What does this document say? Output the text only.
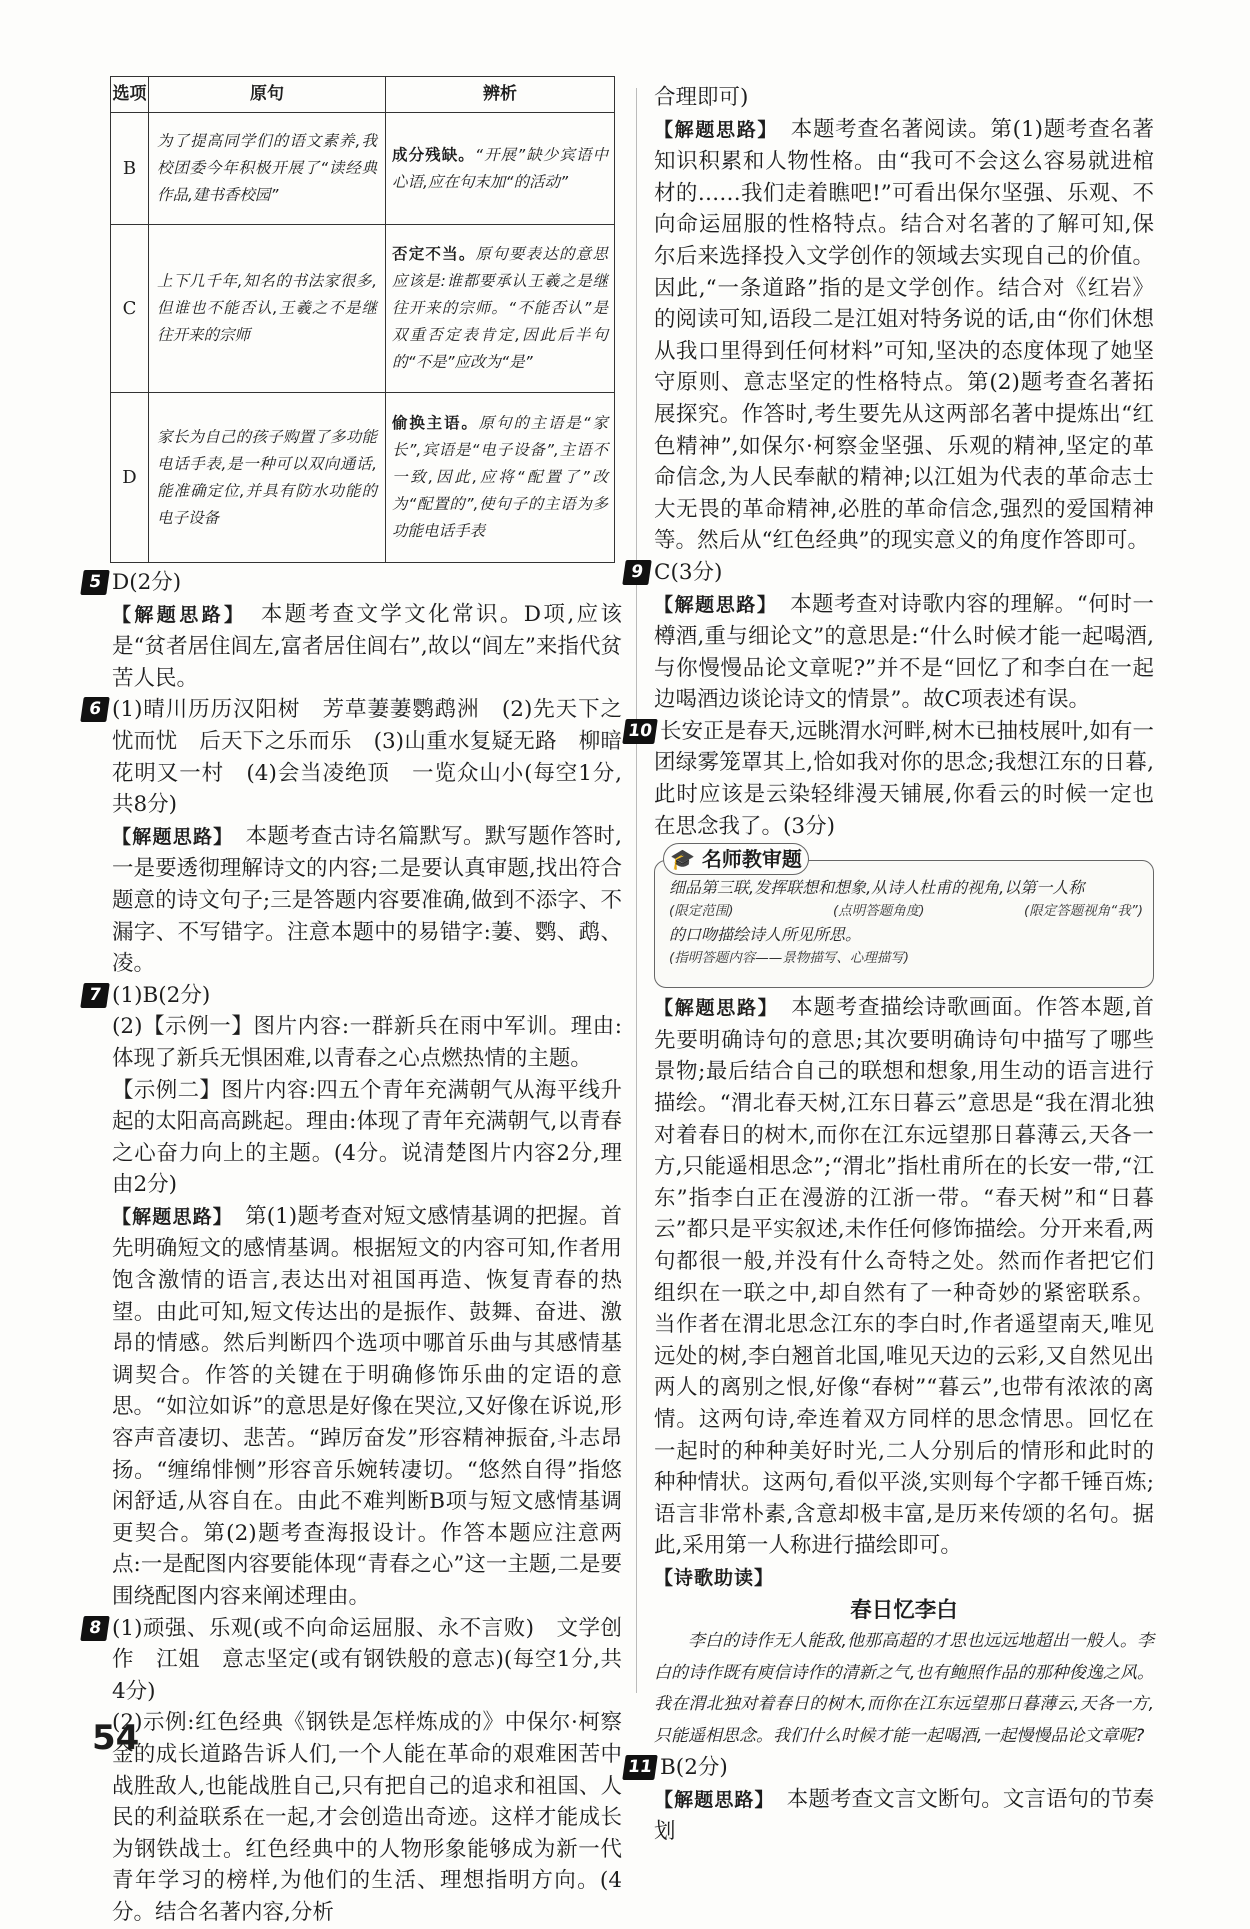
选项	原句	辨析
B	为了提高同学们的语文素养,我校团委今年积极开展了“读经典作品,建书香校园”	成分残缺。“开展”缺少宾语中心语,应在句末加“的活动”
C	上下几千年,知名的书法家很多,但谁也不能否认,王羲之不是继往开来的宗师	否定不当。原句要表达的意思应该是:谁都要承认王羲之是继往开来的宗师。“不能否认”是双重否定表肯定,因此后半句的“不是”应改为“是”
D	家长为自己的孩子购置了多功能电话手表,是一种可以双向通话,能准确定位,并具有防水功能的电子设备	偷换主语。原句的主语是“家长”,宾语是“电子设备”,主语不一致,因此,应将“配置了”改为“配置的”,使句子的主语为多功能电话手表

5 D(2分)

【解题思路】　 本题考查文学文化常识。D项,应该是“贫者居住闾左,富者居住闾右”,故以“闾左”来指代贫苦人民。

6 (1)晴川历历汉阳树　芳草萋萋鹦鹉洲　(2)先天下之忧而忧　后天下之乐而乐　(3)山重水复疑无路　柳暗花明又一村　(4)会当凌绝顶　一览众山小(每空1分,共8分)

【解题思路】　 本题考查古诗名篇默写。默写题作答时,一是要透彻理解诗文的内容;二是要认真审题,找出符合题意的诗文句子;三是答题内容要准确,做到不添字、不漏字、不写错字。注意本题中的易错字:萋、鹦、鹉、凌。

7 (1)B(2分)

(2)【示例一】图片内容:一群新兵在雨中军训。理由:体现了新兵无惧困难,以青春之心点燃热情的主题。

【示例二】图片内容:四五个青年充满朝气从海平线升起的太阳高高跳起。理由:体现了青年充满朝气,以青春之心奋力向上的主题。(4分。说清楚图片内容2分,理由2分)

【解题思路】　 第(1)题考查对短文感情基调的把握。首先明确短文的感情基调。根据短文的内容可知,作者用饱含激情的语言,表达出对祖国再造、恢复青春的热望。由此可知,短文传达出的是振作、鼓舞、奋进、激昂的情感。然后判断四个选项中哪首乐曲与其感情基调契合。作答的关键在于明确修饰乐曲的定语的意思。“如泣如诉”的意思是好像在哭泣,又好像在诉说,形容声音凄切、悲苦。“踔厉奋发”形容精神振奋,斗志昂扬。“缠绵悱恻”形容音乐婉转凄切。“悠然自得”指悠闲舒适,从容自在。由此不难判断B项与短文感情基调更契合。第(2)题考查海报设计。作答本题应注意两点:一是配图内容要能体现“青春之心”这一主题,二是要围绕配图内容来阐述理由。

8 (1)顽强、乐观(或不向命运屈服、永不言败)　文学创作　江姐　意志坚定(或有钢铁般的意志)(每空1分,共4分)

(2)示例:红色经典《钢铁是怎样炼成的》中保尔·柯察金的成长道路告诉人们,一个人能在革命的艰难困苦中战胜敌人,也能战胜自己,只有把自己的追求和祖国、人民的利益联系在一起,才会创造出奇迹。这样才能成长为钢铁战士。红色经典中的人物形象能够成为新一代青年学习的榜样,为他们的生活、理想指明方向。(4分。结合名著内容,分析

合理即可)

【解题思路】　 本题考查名著阅读。第(1)题考查名著知识积累和人物性格。由“我可不会这么容易就进棺材的……我们走着瞧吧!”可看出保尔坚强、乐观、不向命运屈服的性格特点。结合对名著的了解可知,保尔后来选择投入文学创作的领域去实现自己的价值。因此,“一条道路”指的是文学创作。结合对《红岩》的阅读可知,语段二是江姐对特务说的话,由“你们休想从我口里得到任何材料”可知,坚决的态度体现了她坚守原则、意志坚定的性格特点。第(2)题考查名著拓展探究。作答时,考生要先从这两部名著中提炼出“红色精神”,如保尔·柯察金坚强、乐观的精神,坚定的革命信念,为人民奉献的精神;以江姐为代表的革命志士大无畏的革命精神,必胜的革命信念,强烈的爱国精神等。然后从“红色经典”的现实意义的角度作答即可。

9 C(3分)

【解题思路】　 本题考查对诗歌内容的理解。“何时一樽酒,重与细论文”的意思是:“什么时候才能一起喝酒,与你慢慢品论文章呢?”并不是“回忆了和李白在一起边喝酒边谈论诗文的情景”。故C项表述有误。

10 长安正是春天,远眺渭水河畔,树木已抽枝展叶,如有一团绿雾笼罩其上,恰如我对你的思念;我想江东的日暮,此时应该是云染轻绯漫天铺展,你看云的时候一定也在思念我了。(3分)

🎓 名师教审题
细品第三联,发挥联想和想象,从诗人杜甫的视角,以第一人称
(限定范围)	(点明答题角度)	(限定答题视角“我”)
的口吻描绘诗人所见所思。
(指明答题内容——景物描写、心理描写)

【解题思路】　 本题考查描绘诗歌画面。作答本题,首先要明确诗句的意思;其次要明确诗句中描写了哪些景物;最后结合自己的联想和想象,用生动的语言进行描绘。“渭北春天树,江东日暮云”意思是“我在渭北独对着春日的树木,而你在江东远望那日暮薄云,天各一方,只能遥相思念”;“渭北”指杜甫所在的长安一带,“江东”指李白正在漫游的江浙一带。“春天树”和“日暮云”都只是平实叙述,未作任何修饰描绘。分开来看,两句都很一般,并没有什么奇特之处。然而作者把它们组织在一联之中,却自然有了一种奇妙的紧密联系。当作者在渭北思念江东的李白时,作者遥望南天,唯见远处的树,李白翘首北国,唯见天边的云彩,又自然见出两人的离别之恨,好像“春树”“暮云”,也带有浓浓的离情。这两句诗,牵连着双方同样的思念情思。回忆在一起时的种种美好时光,二人分别后的情形和此时的种种情状。这两句,看似平淡,实则每个字都千锤百炼;语言非常朴素,含意却极丰富,是历来传颂的名句。据此,采用第一人称进行描绘即可。

【诗歌助读】

春日忆李白

李白的诗作无人能敌,他那高超的才思也远远地超出一般人。李白的诗作既有庾信诗作的清新之气,也有鲍照作品的那种俊逸之风。我在渭北独对着春日的树木,而你在江东远望那日暮薄云,天各一方,只能遥相思念。我们什么时候才能一起喝酒,一起慢慢品论文章呢?

11 B(2分)

【解题思路】　 本题考查文言文断句。文言语句的节奏划

54
